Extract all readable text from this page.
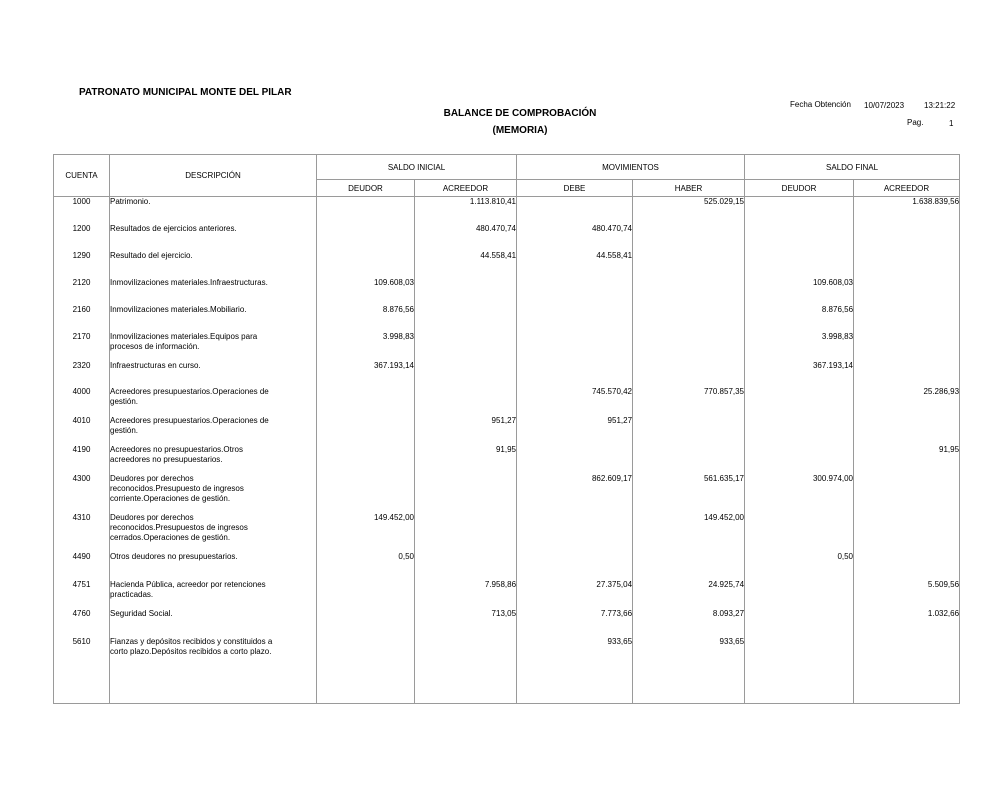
PATRONATO MUNICIPAL MONTE DEL PILAR
BALANCE DE COMPROBACIÓN
(MEMORIA)
Fecha Obtención 10/07/2023 13:21:22
Pag.	1
CUENTA	DESCRIPCIÓN	SALDO INICIAL		MOVIMIENTOS		SALDO FINAL	
		DEUDOR	ACREEDOR	DEBE	HABER	DEUDOR	ACREEDOR
1000	Patrimonio.		1.113.810,41		525.029,15		1.638.839,56
1200	Resultados de ejercicios anteriores.		480.470,74	480.470,74			
1290	Resultado del ejercicio.		44.558,41	44.558,41			
2120	Inmovilizaciones materiales.Infraestructuras.	109.608,03				109.608,03	
2160	Inmovilizaciones materiales.Mobiliario.	8.876,56				8.876,56	
2170	Inmovilizaciones materiales.Equipos para
procesos de información.	3.998,83				3.998,83	
2320	Infraestructuras en curso.	367.193,14				367.193,14	
4000	Acreedores presupuestarios.Operaciones de
gestión.			745.570,42	770.857,35		25.286,93
4010	Acreedores presupuestarios.Operaciones de
gestión.		951,27	951,27			
4190	Acreedores no presupuestarios.Otros
acreedores no presupuestarios.		91,95				91,95
4300	Deudores por derechos
reconocidos.Presupuesto de ingresos
corriente.Operaciones de gestión.			862.609,17	561.635,17	300.974,00	
4310	Deudores por derechos
reconocidos.Presupuestos de ingresos
cerrados.Operaciones de gestión.	149.452,00			149.452,00		
4490	Otros deudores no presupuestarios.	0,50				0,50	
4751	Hacienda Pública, acreedor por retenciones
practicadas.		7.958,86	27.375,04	24.925,74		5.509,56
4760	Seguridad Social.		713,05	7.773,66	8.093,27		1.032,66
5610	Fianzas y depósitos recibidos y constituidos a
corto plazo.Depósitos recibidos a corto plazo.			933,65	933,65		
